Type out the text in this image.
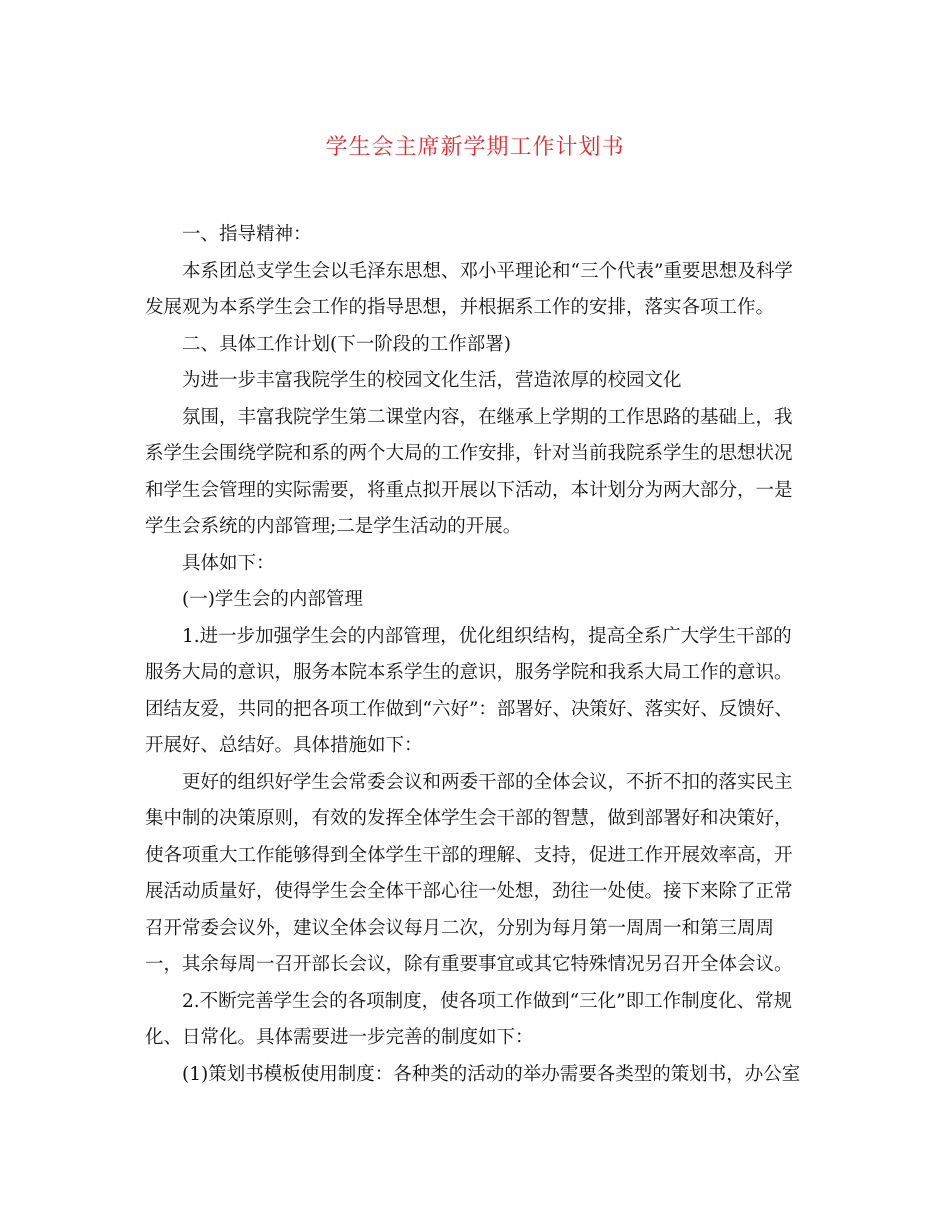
学生会主席新学期工作计划书
一、指导精神：
本系团总支学生会以毛泽东思想、邓小平理论和“三个代表”重要思想及科学
发展观为本系学生会工作的指导思想，并根据系工作的安排，落实各项工作。
二、具体工作计划(下一阶段的工作部署)
为进一步丰富我院学生的校园文化生活，营造浓厚的校园文化
氛围，丰富我院学生第二课堂内容，在继承上学期的工作思路的基础上，我
系学生会围绕学院和系的两个大局的工作安排，针对当前我院系学生的思想状况
和学生会管理的实际需要，将重点拟开展以下活动，本计划分为两大部分，一是
学生会系统的内部管理;二是学生活动的开展。
具体如下：
(一)学生会的内部管理
1.进一步加强学生会的内部管理，优化组织结构，提高全系广大学生干部的
服务大局的意识，服务本院本系学生的意识，服务学院和我系大局工作的意识。
团结友爱，共同的把各项工作做到“六好”：部署好、决策好、落实好、反馈好、
开展好、总结好。具体措施如下：
更好的组织好学生会常委会议和两委干部的全体会议，不折不扣的落实民主
集中制的决策原则，有效的发挥全体学生会干部的智慧，做到部署好和决策好，
使各项重大工作能够得到全体学生干部的理解、支持，促进工作开展效率高，开
展活动质量好，使得学生会全体干部心往一处想，劲往一处使。接下来除了正常
召开常委会议外，建议全体会议每月二次，分别为每月第一周周一和第三周周
一，其余每周一召开部长会议，除有重要事宜或其它特殊情况另召开全体会议。
2.不断完善学生会的各项制度，使各项工作做到“三化”即工作制度化、常规
化、日常化。具体需要进一步完善的制度如下：
(1)策划书模板使用制度：各种类的活动的举办需要各类型的策划书，办公室
